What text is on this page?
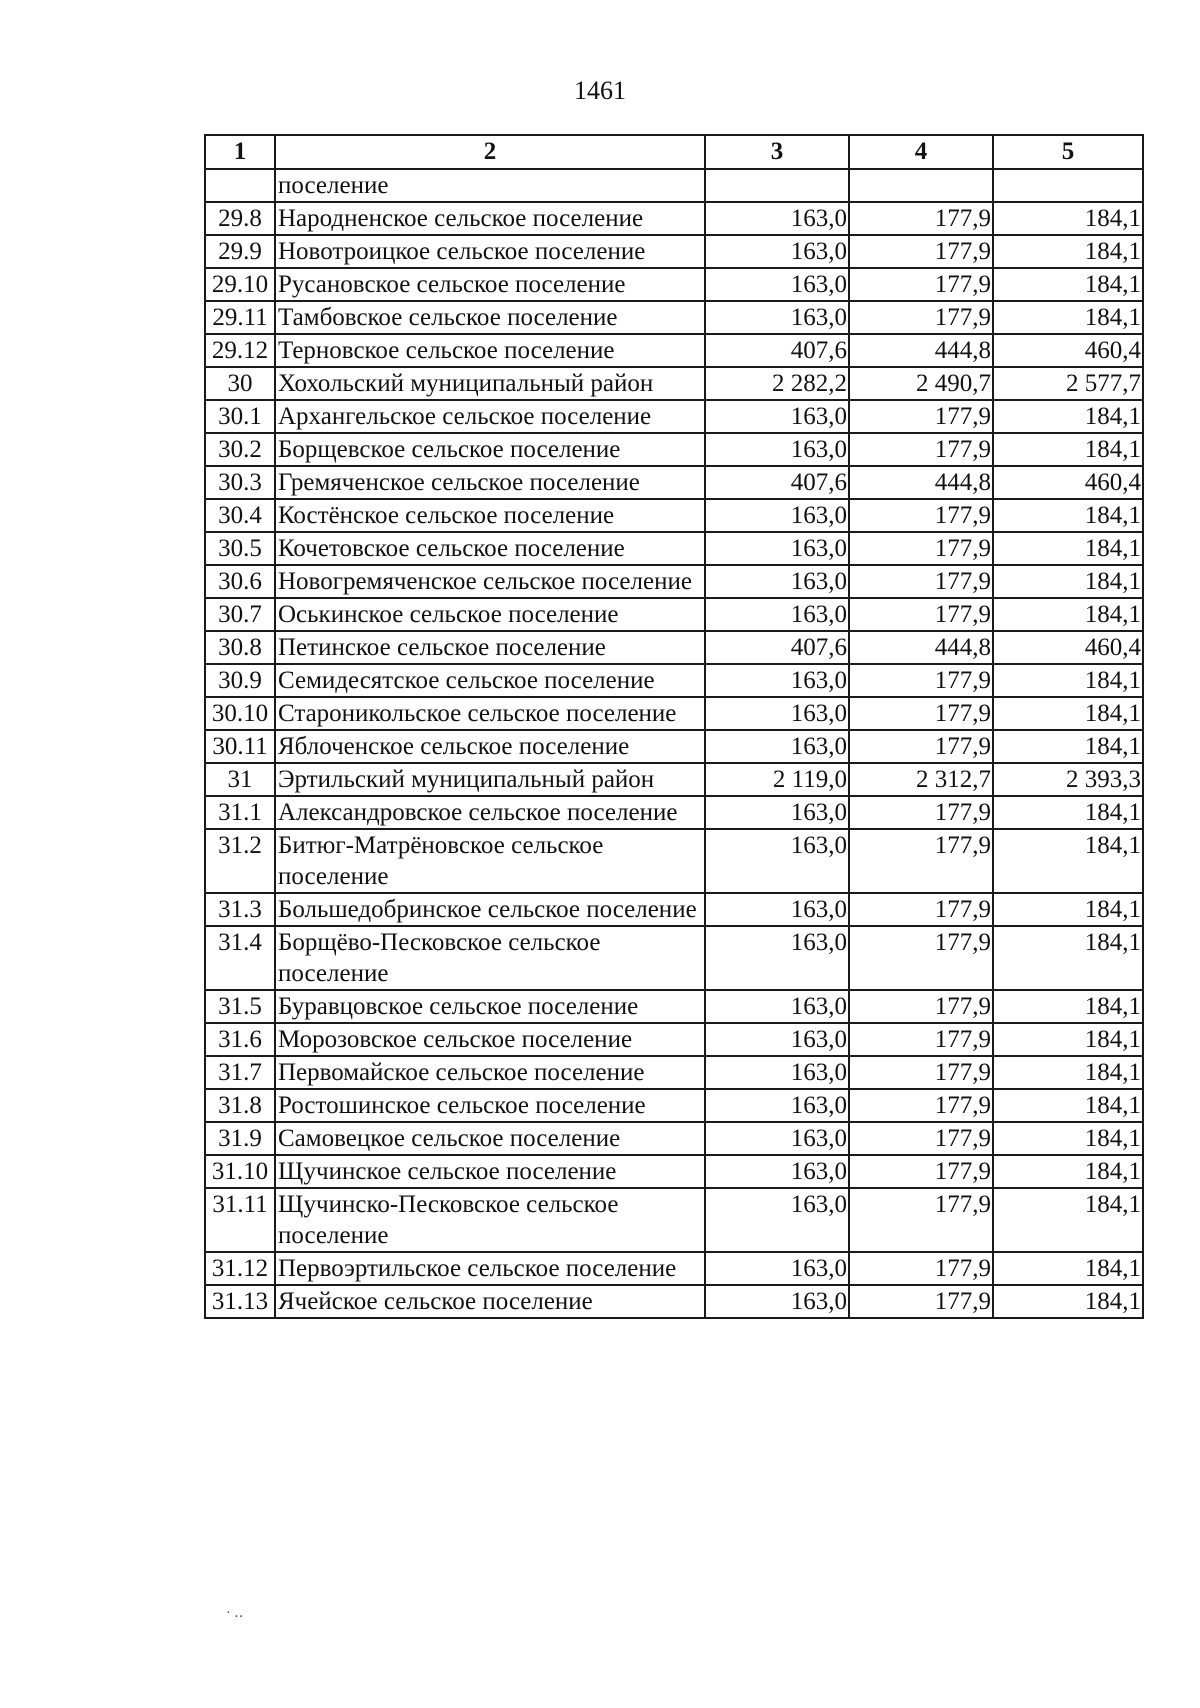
1461
1	2	3	4	5
	поселение			
29.8	Народненское сельское поселение	163,0	177,9	184,1
29.9	Новотроицкое сельское поселение	163,0	177,9	184,1
29.10	Русановское сельское поселение	163,0	177,9	184,1
29.11	Тамбовское сельское поселение	163,0	177,9	184,1
29.12	Терновское сельское поселение	407,6	444,8	460,4
30	Хохольский муниципальный район	2 282,2	2 490,7	2 577,7
30.1	Архангельское сельское поселение	163,0	177,9	184,1
30.2	Борщевское сельское поселение	163,0	177,9	184,1
30.3	Гремяченское сельское поселение	407,6	444,8	460,4
30.4	Костёнское сельское поселение	163,0	177,9	184,1
30.5	Кочетовское сельское поселение	163,0	177,9	184,1
30.6	Новогремяченское сельское поселение	163,0	177,9	184,1
30.7	Оськинское сельское поселение	163,0	177,9	184,1
30.8	Петинское сельское поселение	407,6	444,8	460,4
30.9	Семидесятское сельское поселение	163,0	177,9	184,1
30.10	Староникольское сельское поселение	163,0	177,9	184,1
30.11	Яблоченское сельское поселение	163,0	177,9	184,1
31	Эртильский муниципальный район	2 119,0	2 312,7	2 393,3
31.1	Александровское сельское поселение	163,0	177,9	184,1
31.2	Битюг-Матрёновское сельское поселение	163,0	177,9	184,1
31.3	Большедобринское сельское поселение	163,0	177,9	184,1
31.4	Борщёво-Песковское сельское поселение	163,0	177,9	184,1
31.5	Буравцовское сельское поселение	163,0	177,9	184,1
31.6	Морозовское сельское поселение	163,0	177,9	184,1
31.7	Первомайское сельское поселение	163,0	177,9	184,1
31.8	Ростошинское сельское поселение	163,0	177,9	184,1
31.9	Самовецкое сельское поселение	163,0	177,9	184,1
31.10	Щучинское сельское поселение	163,0	177,9	184,1
31.11	Щучинско-Песковское сельское поселение	163,0	177,9	184,1
31.12	Первоэртильское сельское поселение	163,0	177,9	184,1
31.13	Ячейское сельское поселение	163,0	177,9	184,1
· ‥
